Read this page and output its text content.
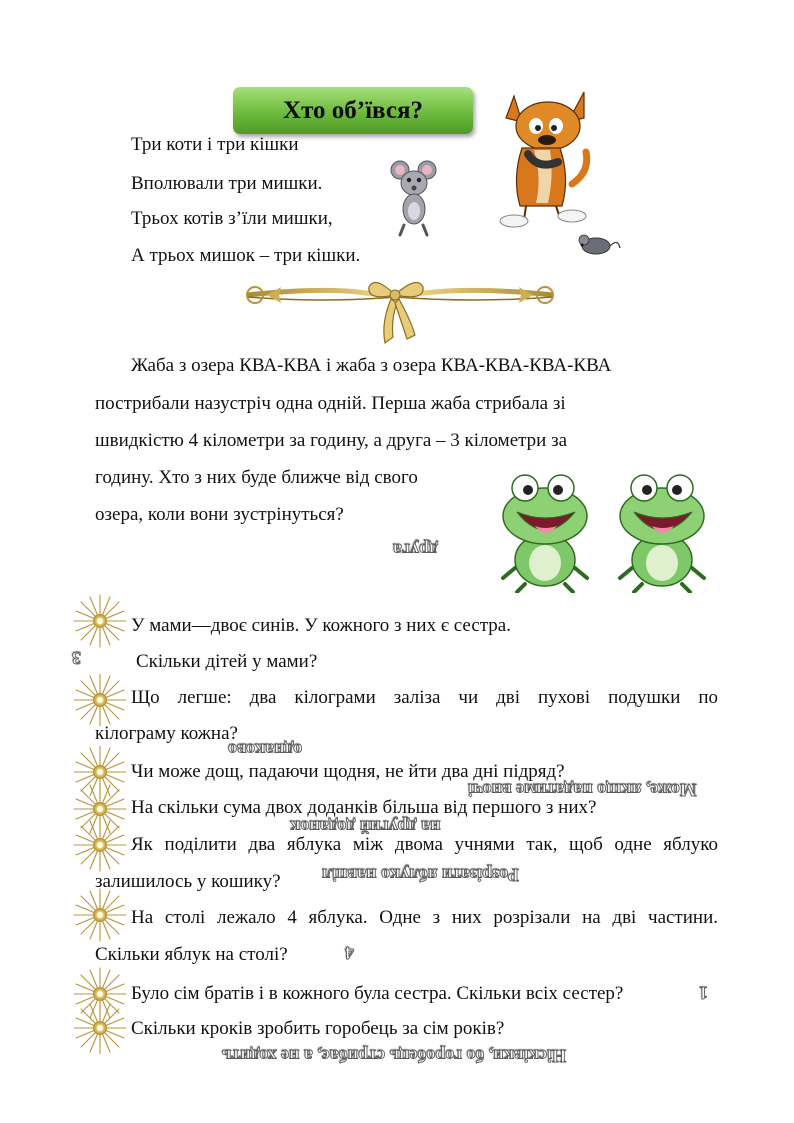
Хто об’ївся?
Три коти і три кішки
Вполювали три мишки.
Трьох котів з’їли мишки,
А трьох мишок – три кішки.
Жаба з озера КВА-КВА і жаба з озера КВА-КВА-КВА-КВА
пострибали назустріч одна одній. Перша жаба стрибала зі
швидкістю 4 кілометри за годину, а друга – 3 кілометри за
годину. Хто з них буде ближче від свого
озера, коли вони зустрінуться?
друга
У мами—двоє синів. У кожного з них є сестра.
3	Скільки дітей у мами?
Що легше: два кілограми заліза чи дві пухові подушки по
кілограму кожна?
однаково
Чи може дощ, падаючи щодня, не йти два дні підряд?
Може, якщо падатиме вночі
На скільки сума двох доданків більша від першого з них?
на другий доданок
Як поділити два яблука між двома учнями так, щоб одне яблуко
залишилось у кошику? Розрізати яблуко навпіл
На столі лежало 4 яблука. Одне з них розрізали на дві частини.
Скільки яблук на столі?	4
Було сім братів і в кожного була сестра. Скільки всіх сестер?	1
Скільки кроків зробить горобець за сім років?
Нісківки, бо горобець стрибає, а не ходить
